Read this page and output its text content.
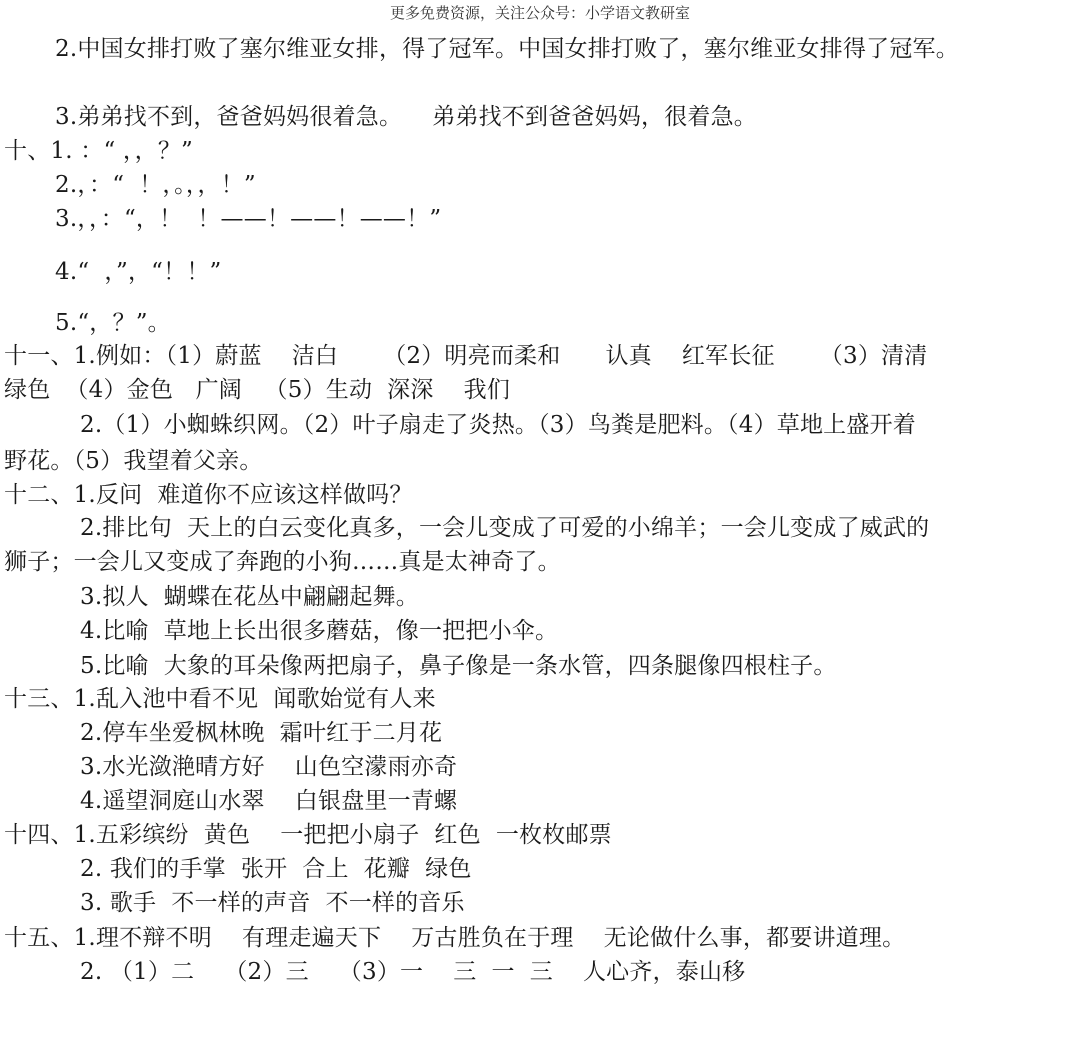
更多免费资源，关注公众号：小学语文教研室
2.中国女排打败了塞尔维亚女排，得了冠军。中国女排打败了，塞尔维亚女排得了冠军。
3.弟弟找不到，爸爸妈妈很着急。    弟弟找不到爸爸妈妈，很着急。
十、1. ：“ ，，？”
2.，：“  ！，。，，！”
3.，，：“，！  ！——！——！——！”
4.“  ，”，“！！”
5.“，？”。
十一、1.例如：（1）蔚蓝    洁白      （2）明亮而柔和      认真    红军长征      （3）清清
绿色  （4）金色   广阔   （5）生动  深深    我们
2.（1）小蜘蛛织网。（2）叶子扇走了炎热。（3）鸟粪是肥料。（4）草地上盛开着
野花。（5）我望着父亲。
十二、1.反问  难道你不应该这样做吗？
2.排比句  天上的白云变化真多，一会儿变成了可爱的小绵羊；一会儿变成了威武的
狮子；一会儿又变成了奔跑的小狗……真是太神奇了。
3.拟人  蝴蝶在花丛中翩翩起舞。
4.比喻  草地上长出很多蘑菇，像一把把小伞。
5.比喻  大象的耳朵像两把扇子，鼻子像是一条水管，四条腿像四根柱子。
十三、1.乱入池中看不见  闻歌始觉有人来
2.停车坐爱枫林晚  霜叶红于二月花
3.水光潋滟晴方好    山色空濛雨亦奇
4.遥望洞庭山水翠    白银盘里一青螺
十四、1.五彩缤纷  黄色    一把把小扇子  红色  一枚枚邮票
2. 我们的手掌  张开  合上  花瓣  绿色
3. 歌手  不一样的声音  不一样的音乐
十五、1.理不辩不明    有理走遍天下    万古胜负在于理    无论做什么事，都要讲道理。
2. （1）二    （2）三    （3）一    三  一  三    人心齐，泰山移
